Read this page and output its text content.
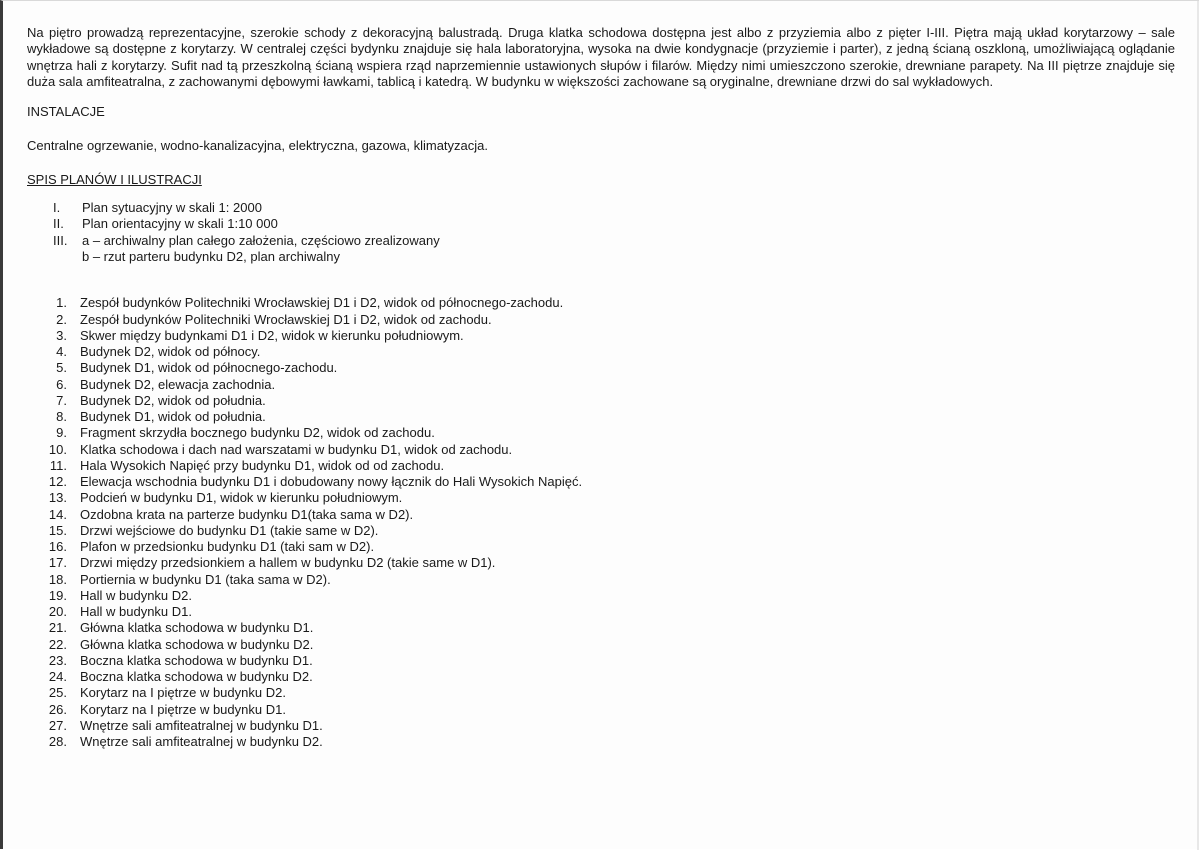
Na piętro prowadzą reprezentacyjne, szerokie schody z dekoracyjną balustradą. Druga klatka schodowa dostępna jest albo z przyziemia albo z pięter I-III. Piętra mają układ korytarzowy – sale wykładowe są dostępne z korytarzy. W centralej części bydynku znajduje się hala laboratoryjna, wysoka na dwie kondygnacje (przyziemie i parter), z jedną ścianą oszkloną, umożliwiającą oglądanie wnętrza hali z korytarzy. Sufit nad tą przeszkolną ścianą wspiera rząd naprzemiennie ustawionych słupów i filarów. Między nimi umieszczono szerokie, drewniane parapety. Na III piętrze znajduje się duża sala amfiteatralna, z zachowanymi dębowymi ławkami, tablicą i katedrą. W budynku w większości zachowane są oryginalne, drewniane drzwi do sal wykładowych.

INSTALACJE

Centralne ogrzewanie, wodno-kanalizacyjna, elektryczna, gazowa, klimatyzacja.

SPIS PLANÓW I ILUSTRACJI

I. Plan sytuacyjny w skali 1: 2000
II. Plan orientacyjny w skali 1:10 000
III. a – archiwalny plan całego założenia, częściowo zrealizowany
b – rzut parteru budynku D2, plan archiwalny
1. Zespół budynków Politechniki Wrocławskiej D1 i D2, widok od północnego-zachodu.
2. Zespół budynków Politechniki Wrocławskiej D1 i D2, widok od zachodu.
3. Skwer między budynkami D1 i D2, widok w kierunku południowym.
4. Budynek D2, widok od północy.
5. Budynek D1, widok od północnego-zachodu.
6. Budynek D2, elewacja zachodnia.
7. Budynek D2, widok od południa.
8. Budynek D1, widok od południa.
9. Fragment skrzydła bocznego budynku D2, widok od zachodu.
10. Klatka schodowa i dach nad warszatami w budynku D1, widok od zachodu.
11. Hala Wysokich Napięć przy budynku D1, widok od od zachodu.
12. Elewacja wschodnia budynku D1 i dobudowany nowy łącznik do Hali Wysokich Napięć.
13. Podcień w budynku D1, widok w kierunku południowym.
14. Ozdobna krata na parterze budynku D1(taka sama w D2).
15. Drzwi wejściowe do budynku D1 (takie same w D2).
16. Plafon w przedsionku budynku D1 (taki sam w D2).
17. Drzwi między przedsionkiem a hallem w budynku D2 (takie same w D1).
18. Portiernia w budynku D1 (taka sama w D2).
19. Hall w budynku D2.
20. Hall w budynku D1.
21. Główna klatka schodowa w budynku D1.
22. Główna klatka schodowa w budynku D2.
23. Boczna klatka schodowa w budynku D1.
24. Boczna klatka schodowa w budynku D2.
25. Korytarz na I piętrze w budynku D2.
26. Korytarz na I piętrze w budynku D1.
27. Wnętrze sali amfiteatralnej w budynku D1.
28. Wnętrze sali amfiteatralnej w budynku D2.
